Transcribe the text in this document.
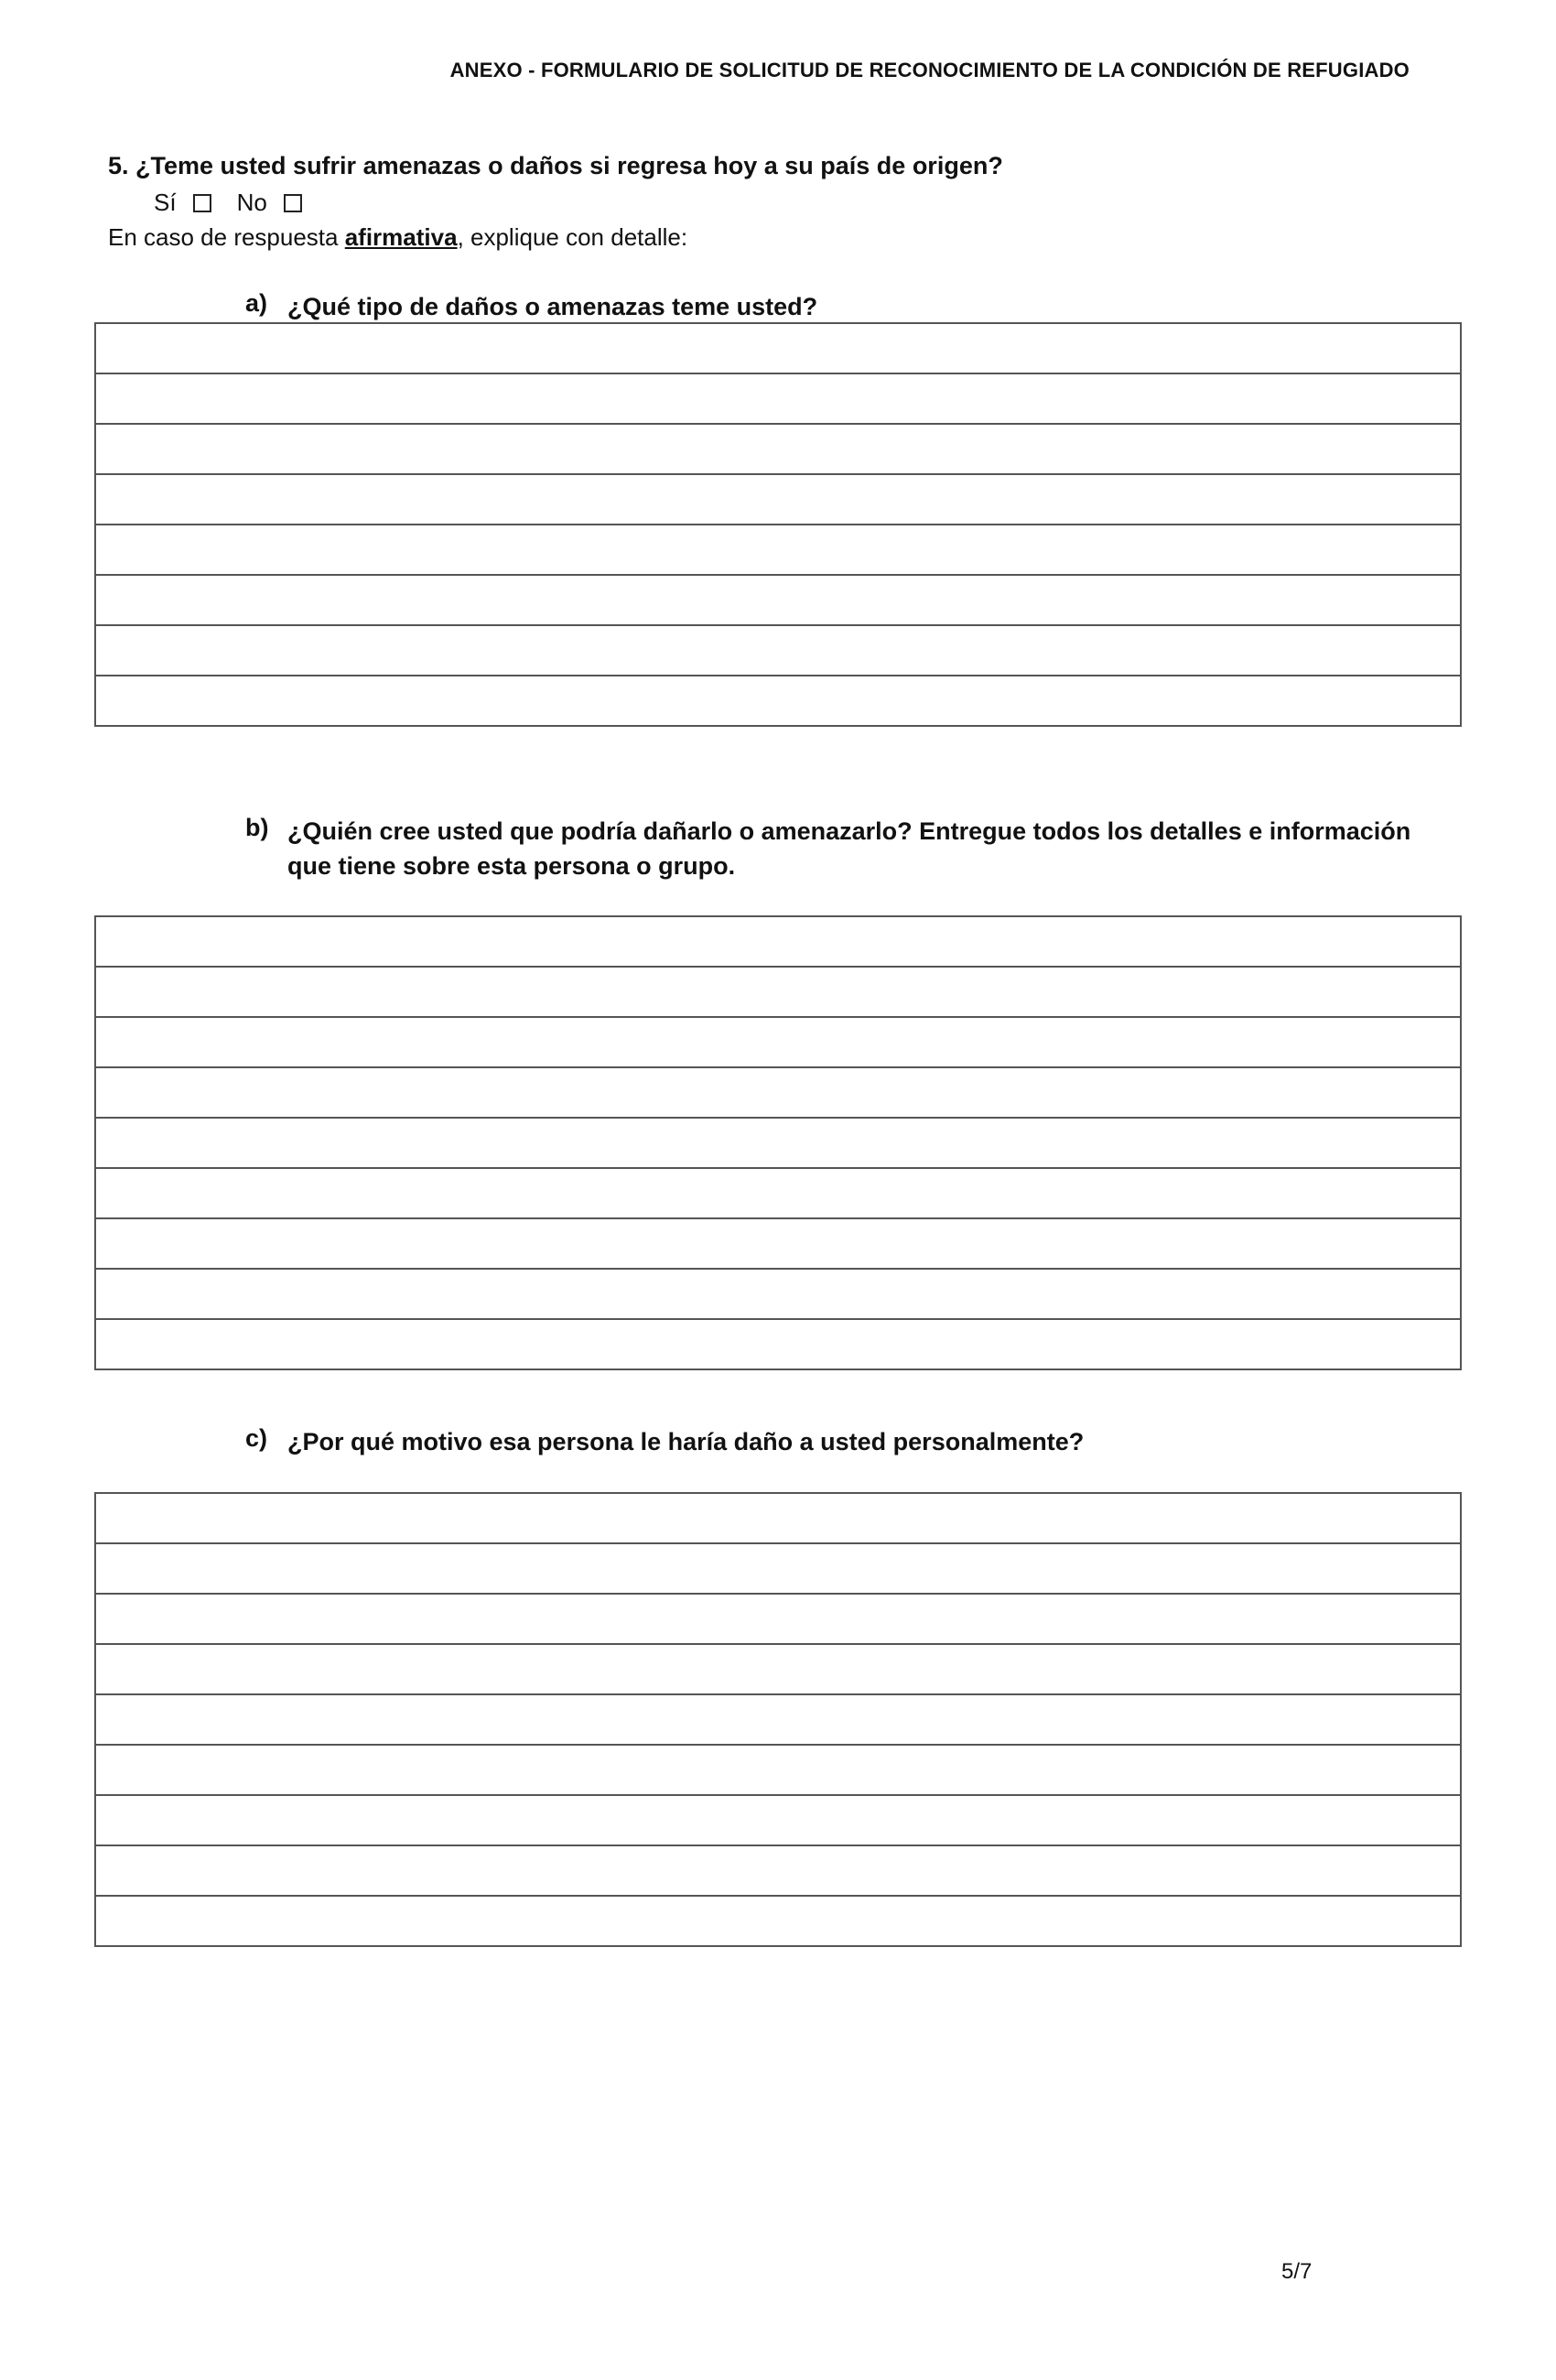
ANEXO - FORMULARIO DE SOLICITUD DE RECONOCIMIENTO DE LA CONDICIÓN DE REFUGIADO
5. ¿Teme usted sufrir amenazas o daños si regresa hoy a su país de origen?
Sí	No
En caso de respuesta afirmativa, explique con detalle:
a) ¿Qué tipo de daños o amenazas teme usted?

b) ¿Quién cree usted que podría dañarlo o amenazarlo? Entregue todos los detalles e información que tiene sobre esta persona o grupo.

c) ¿Por qué motivo esa persona le haría daño a usted personalmente?

5/7
